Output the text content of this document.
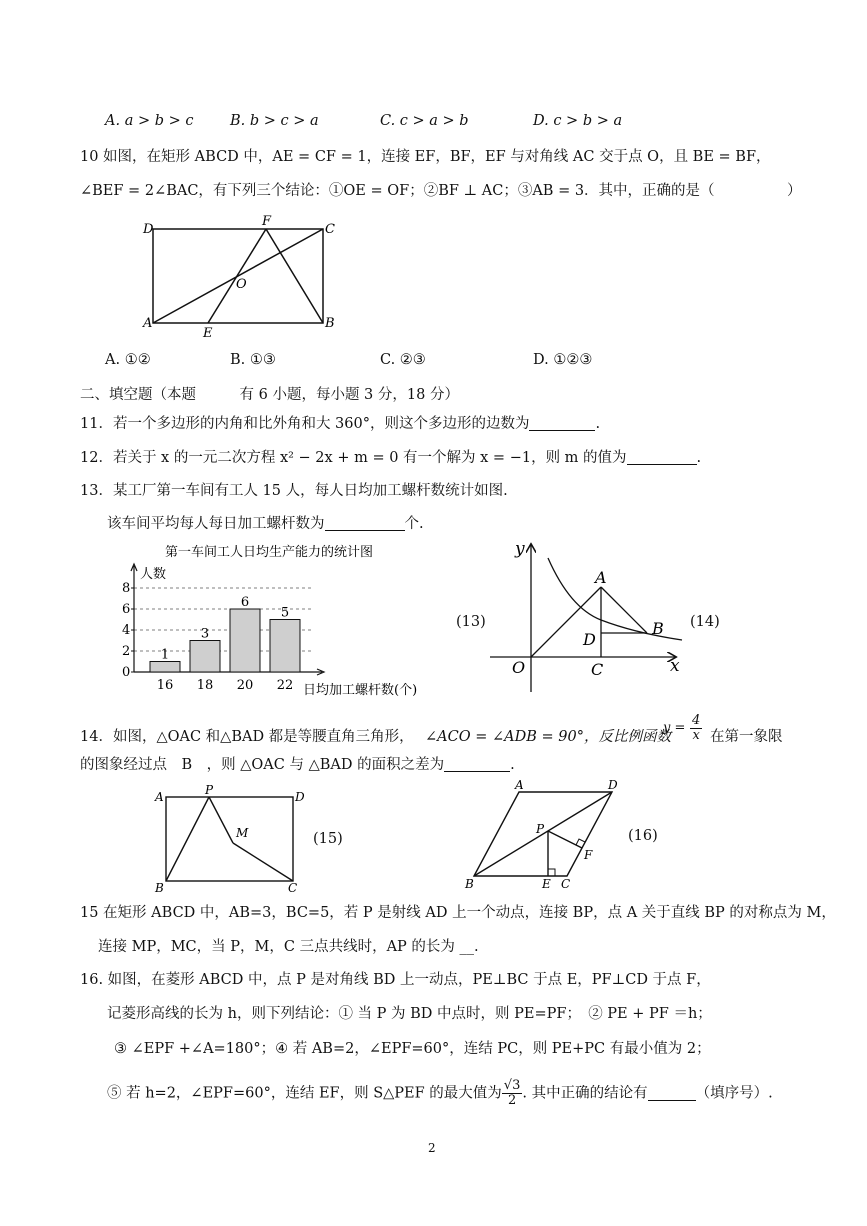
A. a > b > c	B. b > c > a	C. c > a > b	D. c > b > a
10 如图，在矩形 ABCD 中，AE = CF = 1，连接 EF，BF，EF 与对角线 AC 交于点 O，且 BE = BF，
∠BEF = 2∠BAC，有下列三个结论：①OE = OF；②BF ⊥ AC；③AB = 3．其中，正确的是（　　　　　）
D
F
C
O
A
E
B
A. ①②	B. ①③	C. ②③	D. ①②③
二、填空题（本题　　　有 6 小题，每小题 3 分，18 分）
11．若一个多边形的内角和比外角和大 360°，则这个多边形的边数为	.
12．若关于 x 的一元二次方程 x² − 2x + m = 0 有一个解为 x = −1，则 m 的值为	.
13．某工厂第一车间有工人 15 人，每人日均加工螺杆数统计如图.
该车间平均每人每日加工螺杆数为	个.
第一车间工人日均生产能力的统计图
人数
日均加工螺杆数(个)
0
2
4
6
8
1
16
3
18
6
20
5
22
(13)
y
x
A
B
D
O	C
(14)
14．如图，△OAC 和△BAD 都是等腰直角三角形， ∠ACO = ∠ADB = 90°，反比例函数
$y = \frac{4}{x}$ 在第一象限
的图象经过点　B　，则 △OAC 与 △BAD 的面积之差为	.
A	P	D
M
B	C
(15)
A	D
P
F
B	E C
(16)
15 在矩形 ABCD 中，AB=3，BC=5，若 P 是射线 AD 上一个动点，连接 BP，点 A 关于直线 BP 的对称点为 M，
连接 MP，MC，当 P，M，C 三点共线时，AP 的长为 __.
16. 如图，在菱形 ABCD 中，点 P 是对角线 BD 上一动点，PE⊥BC 于点 E，PF⊥CD 于点 F，
记菱形高线的长为 h，则下列结论：① 当 P 为 BD 中点时，则 PE=PF；　② PE + PF ＝h；
③ ∠EPF +∠A=180°；④ 若 AB=2，∠EPF=60°，连结 PC，则 PE+PC 有最小值为 2；
⑤ 若 h=2，∠EPF=60°，连结 EF，则 S△PEF 的最大值为 $\frac{√3}{2}$ . 其中正确的结论有	（填序号）.
2
